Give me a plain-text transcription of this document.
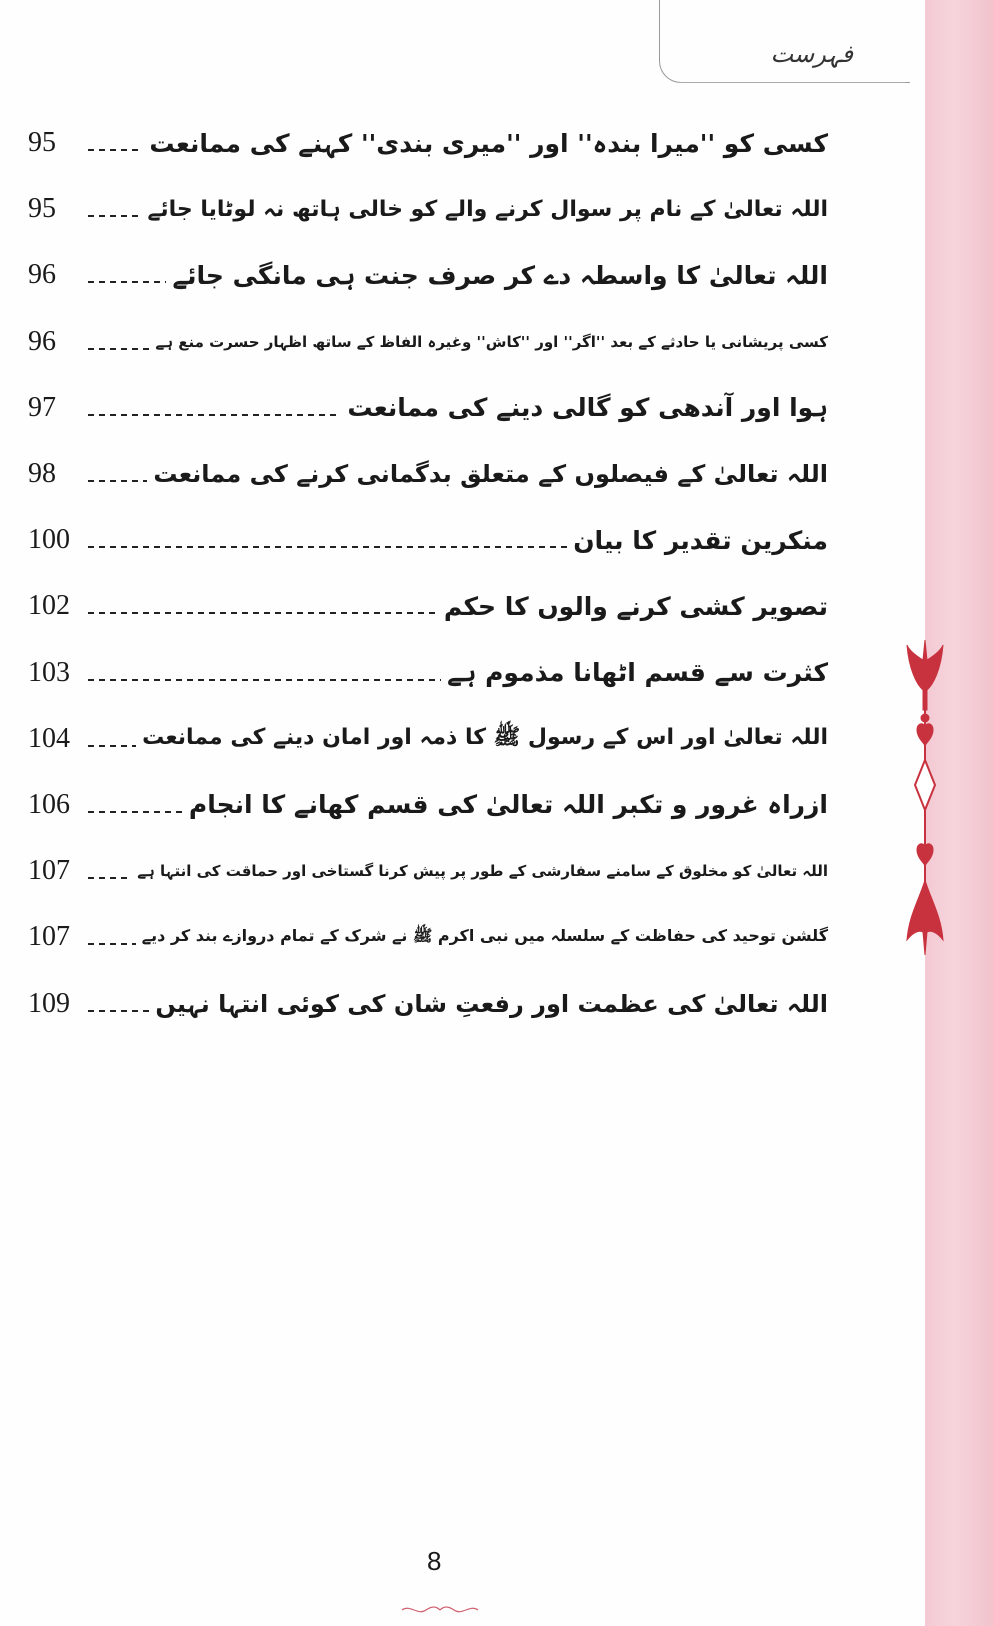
فہرست
کسی کو ''میرا بندہ'' اور ''میری بندی'' کہنے کی ممانعت
95
اللہ تعالیٰ کے نام پر سوال کرنے والے کو خالی ہاتھ نہ لوٹایا جائے
95
اللہ تعالیٰ کا واسطہ دے کر صرف جنت ہی مانگی جائے
96
کسی پریشانی یا حادثے کے بعد ''اگر'' اور ''کاش'' وغیرہ الفاظ کے ساتھ اظہار حسرت منع ہے
96
ہوا اور آندھی کو گالی دینے کی ممانعت
97
اللہ تعالیٰ کے فیصلوں کے متعلق بدگمانی کرنے کی ممانعت
98
منکرین تقدیر کا بیان
100
تصویر کشی کرنے والوں کا حکم
102
کثرت سے قسم اٹھانا مذموم ہے
103
اللہ تعالیٰ اور اس کے رسول ﷺ کا ذمہ اور امان دینے کی ممانعت
104
ازراہ غرور و تکبر اللہ تعالیٰ کی قسم کھانے کا انجام
106
اللہ تعالیٰ کو مخلوق کے سامنے سفارشی کے طور پر پیش کرنا گستاخی اور حماقت کی انتہا ہے
107
گلشن توحید کی حفاظت کے سلسلہ میں نبی اکرم ﷺ نے شرک کے تمام دروازے بند کر دیے
107
اللہ تعالیٰ کی عظمت اور رفعتِ شان کی کوئی انتہا نہیں
109
8
